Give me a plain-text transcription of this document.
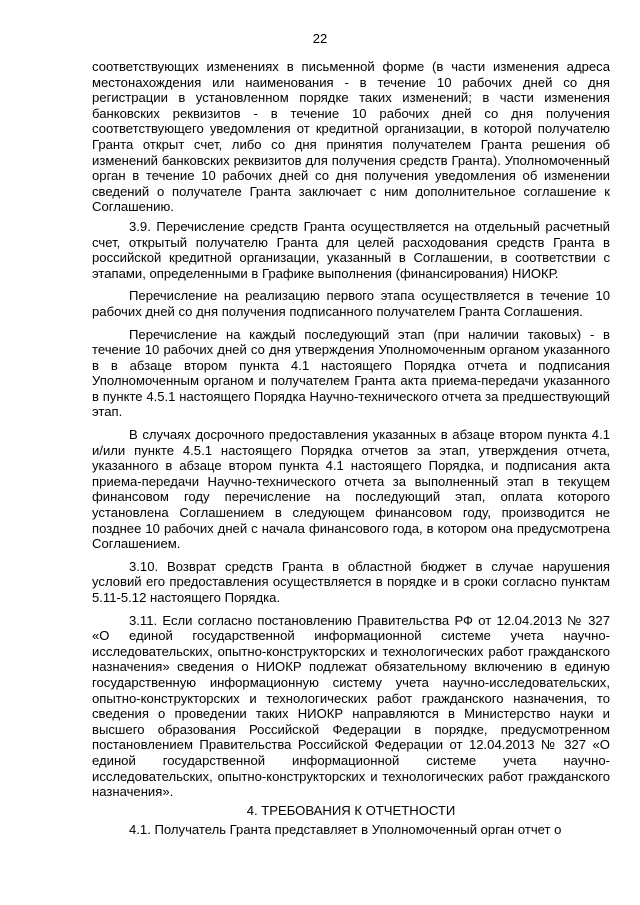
22

соответствующих изменениях в письменной форме (в части изменения адреса местонахождения или наименования - в течение 10 рабочих дней со дня регистрации в установленном порядке таких изменений; в части изменения банковских реквизитов - в течение 10 рабочих дней со дня получения соответствующего уведомления от кредитной организации, в которой получателю Гранта открыт счет, либо со дня принятия получателем Гранта решения об изменений банковских реквизитов для получения средств Гранта). Уполномоченный орган в течение 10 рабочих дней со дня получения уведомления об изменении сведений о получателе Гранта заключает с ним дополнительное соглашение к Соглашению.

3.9. Перечисление средств Гранта осуществляется на отдельный расчетный счет, открытый получателю Гранта для целей расходования средств Гранта в российской кредитной организации, указанный в Соглашении, в соответствии с этапами, определенными в Графике выполнения (финансирования) НИОКР.

Перечисление на реализацию первого этапа осуществляется в течение 10 рабочих дней со дня получения подписанного получателем Гранта Соглашения.

Перечисление на каждый последующий этап (при наличии таковых) - в течение 10 рабочих дней со дня утверждения Уполномоченным органом указанного в в абзаце втором пункта 4.1 настоящего Порядка отчета и подписания Уполномоченным органом и получателем Гранта акта приема-передачи указанного в пункте 4.5.1 настоящего Порядка Научно-технического отчета за предшествующий этап.

В случаях досрочного предоставления указанных в абзаце втором пункта 4.1 и/или пункте 4.5.1 настоящего Порядка отчетов за этап, утверждения отчета, указанного в абзаце втором пункта 4.1 настоящего Порядка, и подписания акта приема-передачи Научно-технического отчета за выполненный этап в текущем финансовом году перечисление на последующий этап, оплата которого установлена Соглашением в следующем финансовом году, производится не позднее 10 рабочих дней с начала финансового года, в котором она предусмотрена Соглашением.

3.10. Возврат средств Гранта в областной бюджет в случае нарушения условий его предоставления осуществляется в порядке и в сроки согласно пунктам 5.11-5.12 настоящего Порядка.

3.11. Если согласно постановлению Правительства РФ от 12.04.2013 № 327 «О единой государственной информационной системе учета научно-исследовательских, опытно-конструкторских и технологических работ гражданского назначения» сведения о НИОКР подлежат обязательному включению в единую государственную информационную систему учета научно-исследовательских, опытно-конструкторских и технологических работ гражданского назначения, то сведения о проведении таких НИОКР направляются в Министерство науки и высшего образования Российской Федерации в порядке, предусмотренном постановлением Правительства Российской Федерации от 12.04.2013 № 327 «О единой государственной информационной системе учета научно-исследовательских, опытно-конструкторских и технологических работ гражданского назначения».

4. ТРЕБОВАНИЯ К ОТЧЕТНОСТИ

4.1. Получатель Гранта представляет в Уполномоченный орган отчет о
